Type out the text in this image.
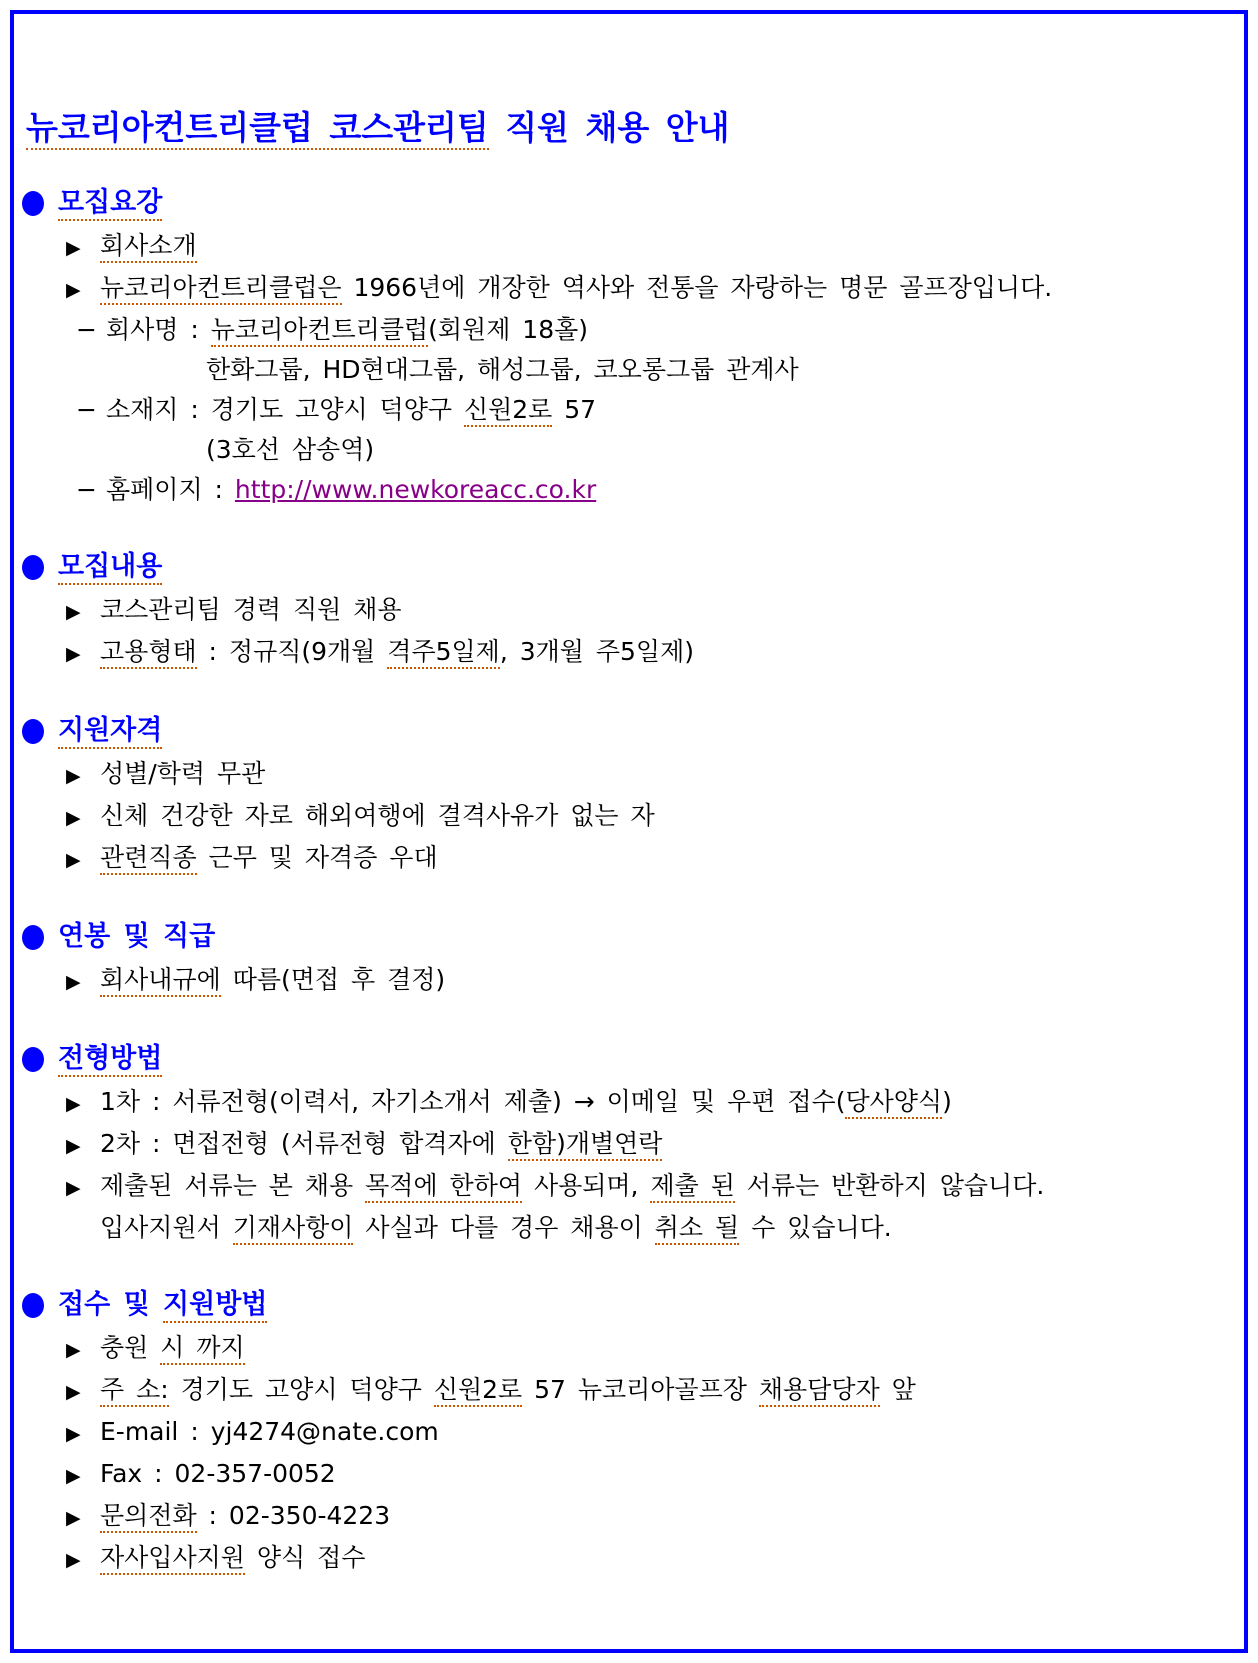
뉴코리아컨트리클럽 코스관리팀 직원 채용 안내
모집요강
▶ 회사소개
▶ 뉴코리아컨트리클럽은 1966년에 개장한 역사와 전통을 자랑하는 명문 골프장입니다.
− 회사명 : 뉴코리아컨트리클럽(회원제 18홀)
한화그룹, HD현대그룹, 해성그룹, 코오롱그룹 관계사
− 소재지 : 경기도 고양시 덕양구 신원2로 57
(3호선 삼송역)
− 홈페이지 : http://www.newkoreacc.co.kr
모집내용
▶ 코스관리팀 경력 직원 채용
▶ 고용형태 : 정규직(9개월 격주5일제, 3개월 주5일제)
지원자격
▶ 성별/학력 무관
▶ 신체 건강한 자로 해외여행에 결격사유가 없는 자
▶ 관련직종 근무 및 자격증 우대
연봉 및 직급
▶ 회사내규에 따름(면접 후 결정)
전형방법
▶ 1차 : 서류전형(이력서, 자기소개서 제출) → 이메일 및 우편 접수(당사양식)
▶ 2차 : 면접전형 (서류전형 합격자에 한함)개별연락
▶ 제출된 서류는 본 채용 목적에 한하여 사용되며, 제출 된 서류는 반환하지 않습니다.
입사지원서 기재사항이 사실과 다를 경우 채용이 취소 될 수 있습니다.
접수 및 지원방법
▶ 충원 시 까지
▶ 주 소: 경기도 고양시 덕양구 신원2로 57 뉴코리아골프장 채용담당자 앞
▶ E-mail : yj4274@nate.com
▶ Fax : 02-357-0052
▶ 문의전화 : 02-350-4223
▶ 자사입사지원 양식 접수
